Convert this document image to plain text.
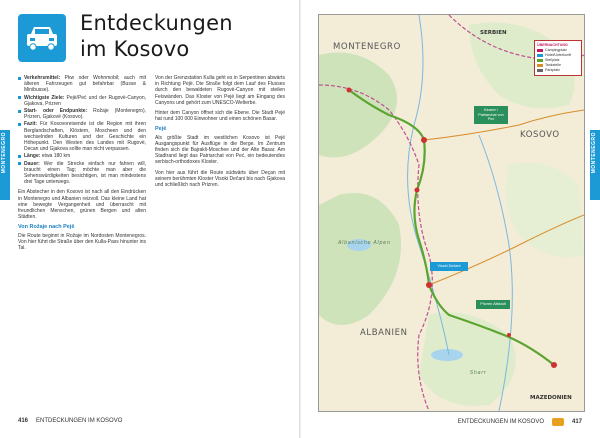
MONTENEGRO
Entdeckungen
im Kosovo
Verkehrsmittel: Pkw oder Wohnmobil; auch mit älteren Fahrzeugen gut befahrbar (Busse & Minibusse).
Wichtigste Ziele: Pejë/Peć und der Rugovë-Canyon, Gjakova, Prizren
Start- oder Endpunkte: Rožaje (Montenegro), Prizren, Gjakovë (Kosovo).
Fazit: Für Kosovoreisende ist die Region mit ihren Berglandschaften, Klöstern, Moscheen und den wechselnden Kulturen und der Geschichte ein Höhepunkt. Den Westen des Landes mit Rugovë, Decan und Gjakova sollte man nicht verpassen.
Länge: etwa 180 km
Dauer: Wer die Strecke einfach nur fahren will, braucht einen Tag; möchte man aber die Sehenswürdigkeiten besichtigen, ist man mindestens drei Tage unterwegs.

Ein Abstecher in den Kosovo ist nach all den Eindrücken in Montenegro und Albanien reizvoll. Das kleine Land hat eine bewegte Vergangenheit und überrascht mit freundlichen Menschen, grünen Bergen und alten Städten.

Von Rožaje nach Pejë

Die Route beginnt in Rožaje im Nordosten Montenegros. Von hier führt die Straße über den Kulla-Pass hinunter ins Tal.

Von der Grenzstation Kulla geht es in Serpentinen abwärts in Richtung Pejë. Die Straße folgt dem Lauf des Flusses durch den bewaldeten Rugovë-Canyon mit steilen Felswänden. Das Kloster von Pejë liegt am Eingang des Canyons und gehört zum UNESCO-Welterbe.

Hinter dem Canyon öffnet sich die Ebene. Die Stadt Pejë hat rund 100 000 Einwohner und einen schönen Basar.

Pejë

Als größte Stadt im westlichen Kosovo ist Pejë Ausgangspunkt für Ausflüge in die Berge. Im Zentrum finden sich die Bajrakli-Moschee und der Alte Basar. Am Stadtrand liegt das Patriarchat von Peć, ein bedeutendes serbisch-orthodoxes Kloster.

Von hier aus führt die Route südwärts über Deçan mit seinem berühmten Kloster Visoki Dečani bis nach Gjakova und schließlich nach Prizren.

416 ENTDECKUNGEN IM KOSOVO
MONTENEGRO
KOSOVO
ALBANIEN
SERBIEN
MAZEDONIEN
Albanische Alpen
Sharr
ÜBERNACHTUNG
Campingplatz
Hotel/Unterkunft
Stellplatz
Tankstelle
Parkplatz
Kloster / Patriarchat von Peć
Visoki Dečani
Prizren Altstadt
MONTENEGRO
ENTDECKUNGEN IM KOSOVO	417
